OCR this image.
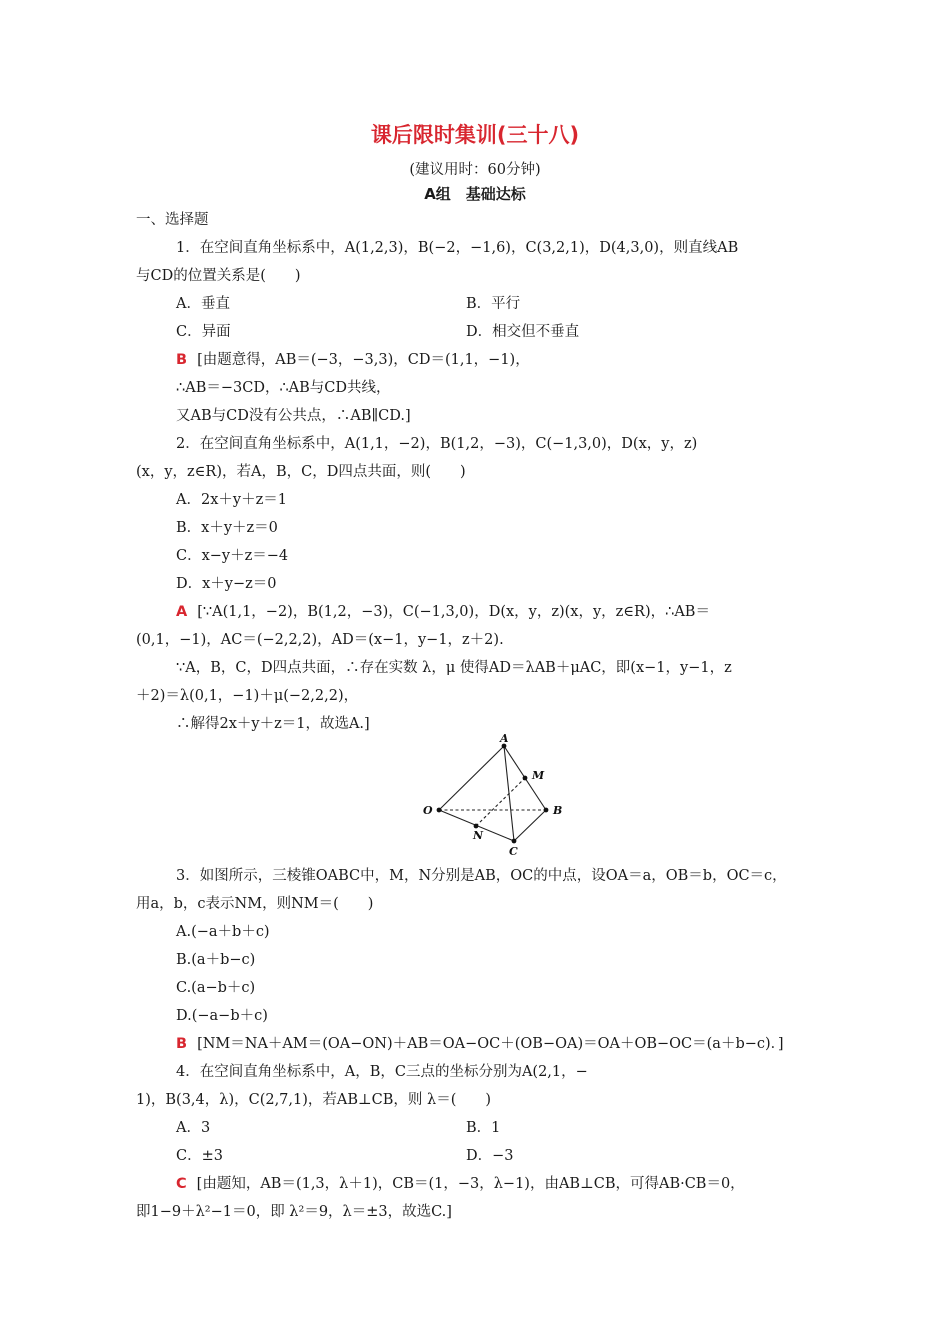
课后限时集训(三十八)
(建议用时：60分钟)
A组　基础达标
一、选择题
1．在空间直角坐标系中，A(1,2,3)，B(−2，−1,6)，C(3,2,1)，D(4,3,0)，则直线AB
与CD的位置关系是(　　)
A．垂直	B．平行
C．异面	D．相交但不垂直
B [由题意得，AB＝(−3，−3,3)，CD＝(1,1，−1)，
∴AB＝−3CD，∴AB与CD共线，
又AB与CD没有公共点，∴AB∥CD.]
2．在空间直角坐标系中，A(1,1，−2)，B(1,2，−3)，C(−1,3,0)，D(x，y，z)
(x，y，z∈R)，若A，B，C，D四点共面，则(　　)
A．2x＋y＋z＝1
B．x＋y＋z＝0
C．x−y＋z＝−4
D．x＋y−z＝0
A [∵A(1,1，−2)，B(1,2，−3)，C(−1,3,0)，D(x，y，z)(x，y，z∈R)，∴AB＝
(0,1，−1)，AC＝(−2,2,2)，AD＝(x−1，y−1，z＋2).
∵A，B，C，D四点共面，∴存在实数 λ，μ 使得AD＝λAB＋μAC，即(x−1，y−1，z
＋2)＝λ(0,1，−1)＋μ(−2,2,2)，
∴解得2x＋y＋z＝1，故选A.]
A
M
O	B
N
C
3．如图所示，三棱锥OABC中，M，N分别是AB，OC的中点，设OA＝a，OB＝b，OC＝c，
用a，b，c表示NM，则NM＝(　　)
A.(−a＋b＋c)
B.(a＋b−c)
C.(a−b＋c)
D.(−a−b＋c)
B [NM＝NA＋AM＝(OA−ON)＋AB＝OA−OC＋(OB−OA)＝OA＋OB−OC＝(a＋b−c)．]
4．在空间直角坐标系中，A，B，C三点的坐标分别为A(2,1，−
1)，B(3,4，λ)，C(2,7,1)，若AB⊥CB，则 λ＝(　　)
A．3	B．1
C．±3	D．−3
C [由题知，AB＝(1,3，λ＋1)，CB＝(1，−3，λ−1)，由AB⊥CB，可得AB·CB＝0，
即1−9＋λ²−1＝0，即 λ²＝9，λ＝±3，故选C.]
